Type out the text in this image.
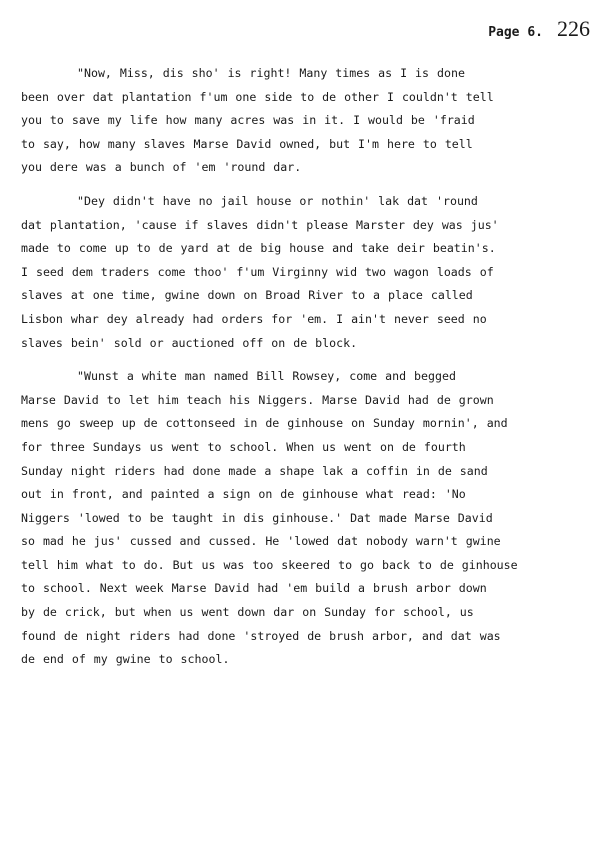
Page 6. 226

"Now, Miss, dis sho' is right! Many times as I is done
been over dat plantation f'um one side to de other I couldn't tell
you to save my life how many acres was in it. I would be 'fraid
to say, how many slaves Marse David owned, but I'm here to tell
you dere was a bunch of 'em 'round dar.

"Dey didn't have no jail house or nothin' lak dat 'round
dat plantation, 'cause if slaves didn't please Marster dey was jus'
made to come up to de yard at de big house and take deir beatin's.
I seed dem traders come thoo' f'um Virginny wid two wagon loads of
slaves at one time, gwine down on Broad River to a place called
Lisbon whar dey already had orders for 'em. I ain't never seed no
slaves bein' sold or auctioned off on de block.

"Wunst a white man named Bill Rowsey, come and begged
Marse David to let him teach his Niggers. Marse David had de grown
mens go sweep up de cottonseed in de ginhouse on Sunday mornin', and
for three Sundays us went to school. When us went on de fourth
Sunday night riders had done made a shape lak a coffin in de sand
out in front, and painted a sign on de ginhouse what read: 'No
Niggers 'lowed to be taught in dis ginhouse.' Dat made Marse David
so mad he jus' cussed and cussed. He 'lowed dat nobody warn't gwine
tell him what to do. But us was too skeered to go back to de ginhouse
to school. Next week Marse David had 'em build a brush arbor down
by de crick, but when us went down dar on Sunday for school, us
found de night riders had done 'stroyed de brush arbor, and dat was
de end of my gwine to school.
